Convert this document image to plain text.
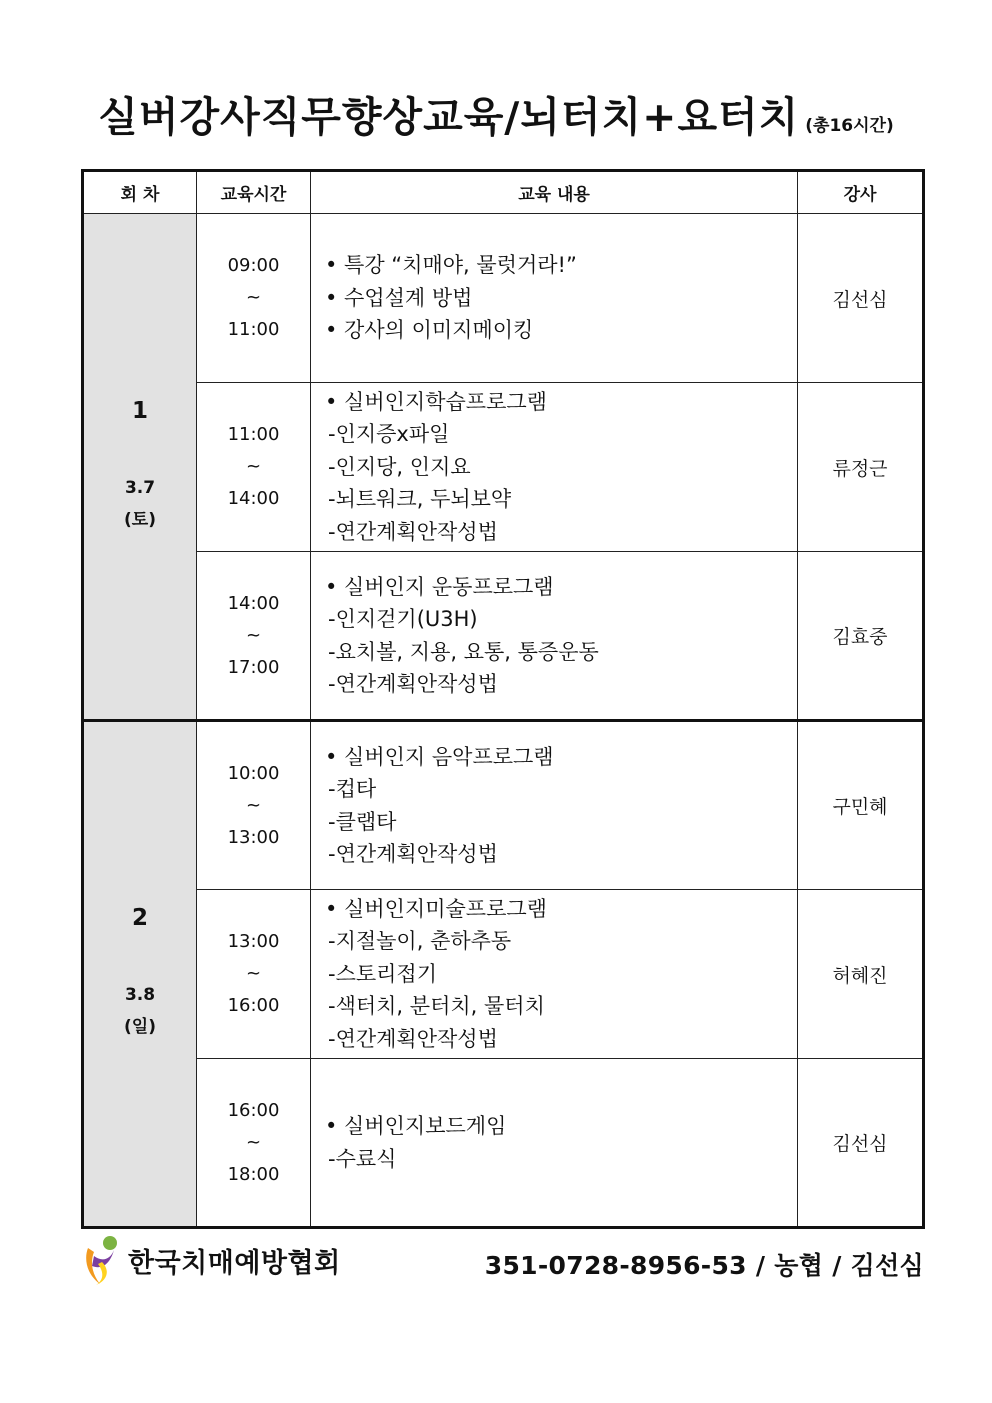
실버강사직무향상교육/뇌터치+요터치 (총16시간)
회 차	교육시간	교육 내용	강사

1
3.7
(토)	09:00
~
11:00	• 특강 “치매야, 물럿거라!”
• 수업설계 방법
• 강사의 이미지메이킹	김선심

	11:00
~
14:00	• 실버인지학습프로그램
-인지증x파일
-인지당, 인지요
-뇌트워크, 두뇌보약
-연간계획안작성법	류정근

	14:00
~
17:00	• 실버인지 운동프로그램
-인지걷기(U3H)
-요치볼, 지용, 요통, 통증운동
-연간계획안작성법	김효중

2
3.8
(일)	10:00
~
13:00	• 실버인지 음악프로그램
-컵타
-클랩타
-연간계획안작성법	구민혜

	13:00
~
16:00	• 실버인지미술프로그램
-지절놀이, 춘하추동
-스토리접기
-색터치, 분터치, 물터치
-연간계획안작성법	허혜진

	16:00
~
18:00	• 실버인지보드게임
-수료식	김선심
한국치매예방협회	351-0728-8956-53 / 농협 / 김선심
